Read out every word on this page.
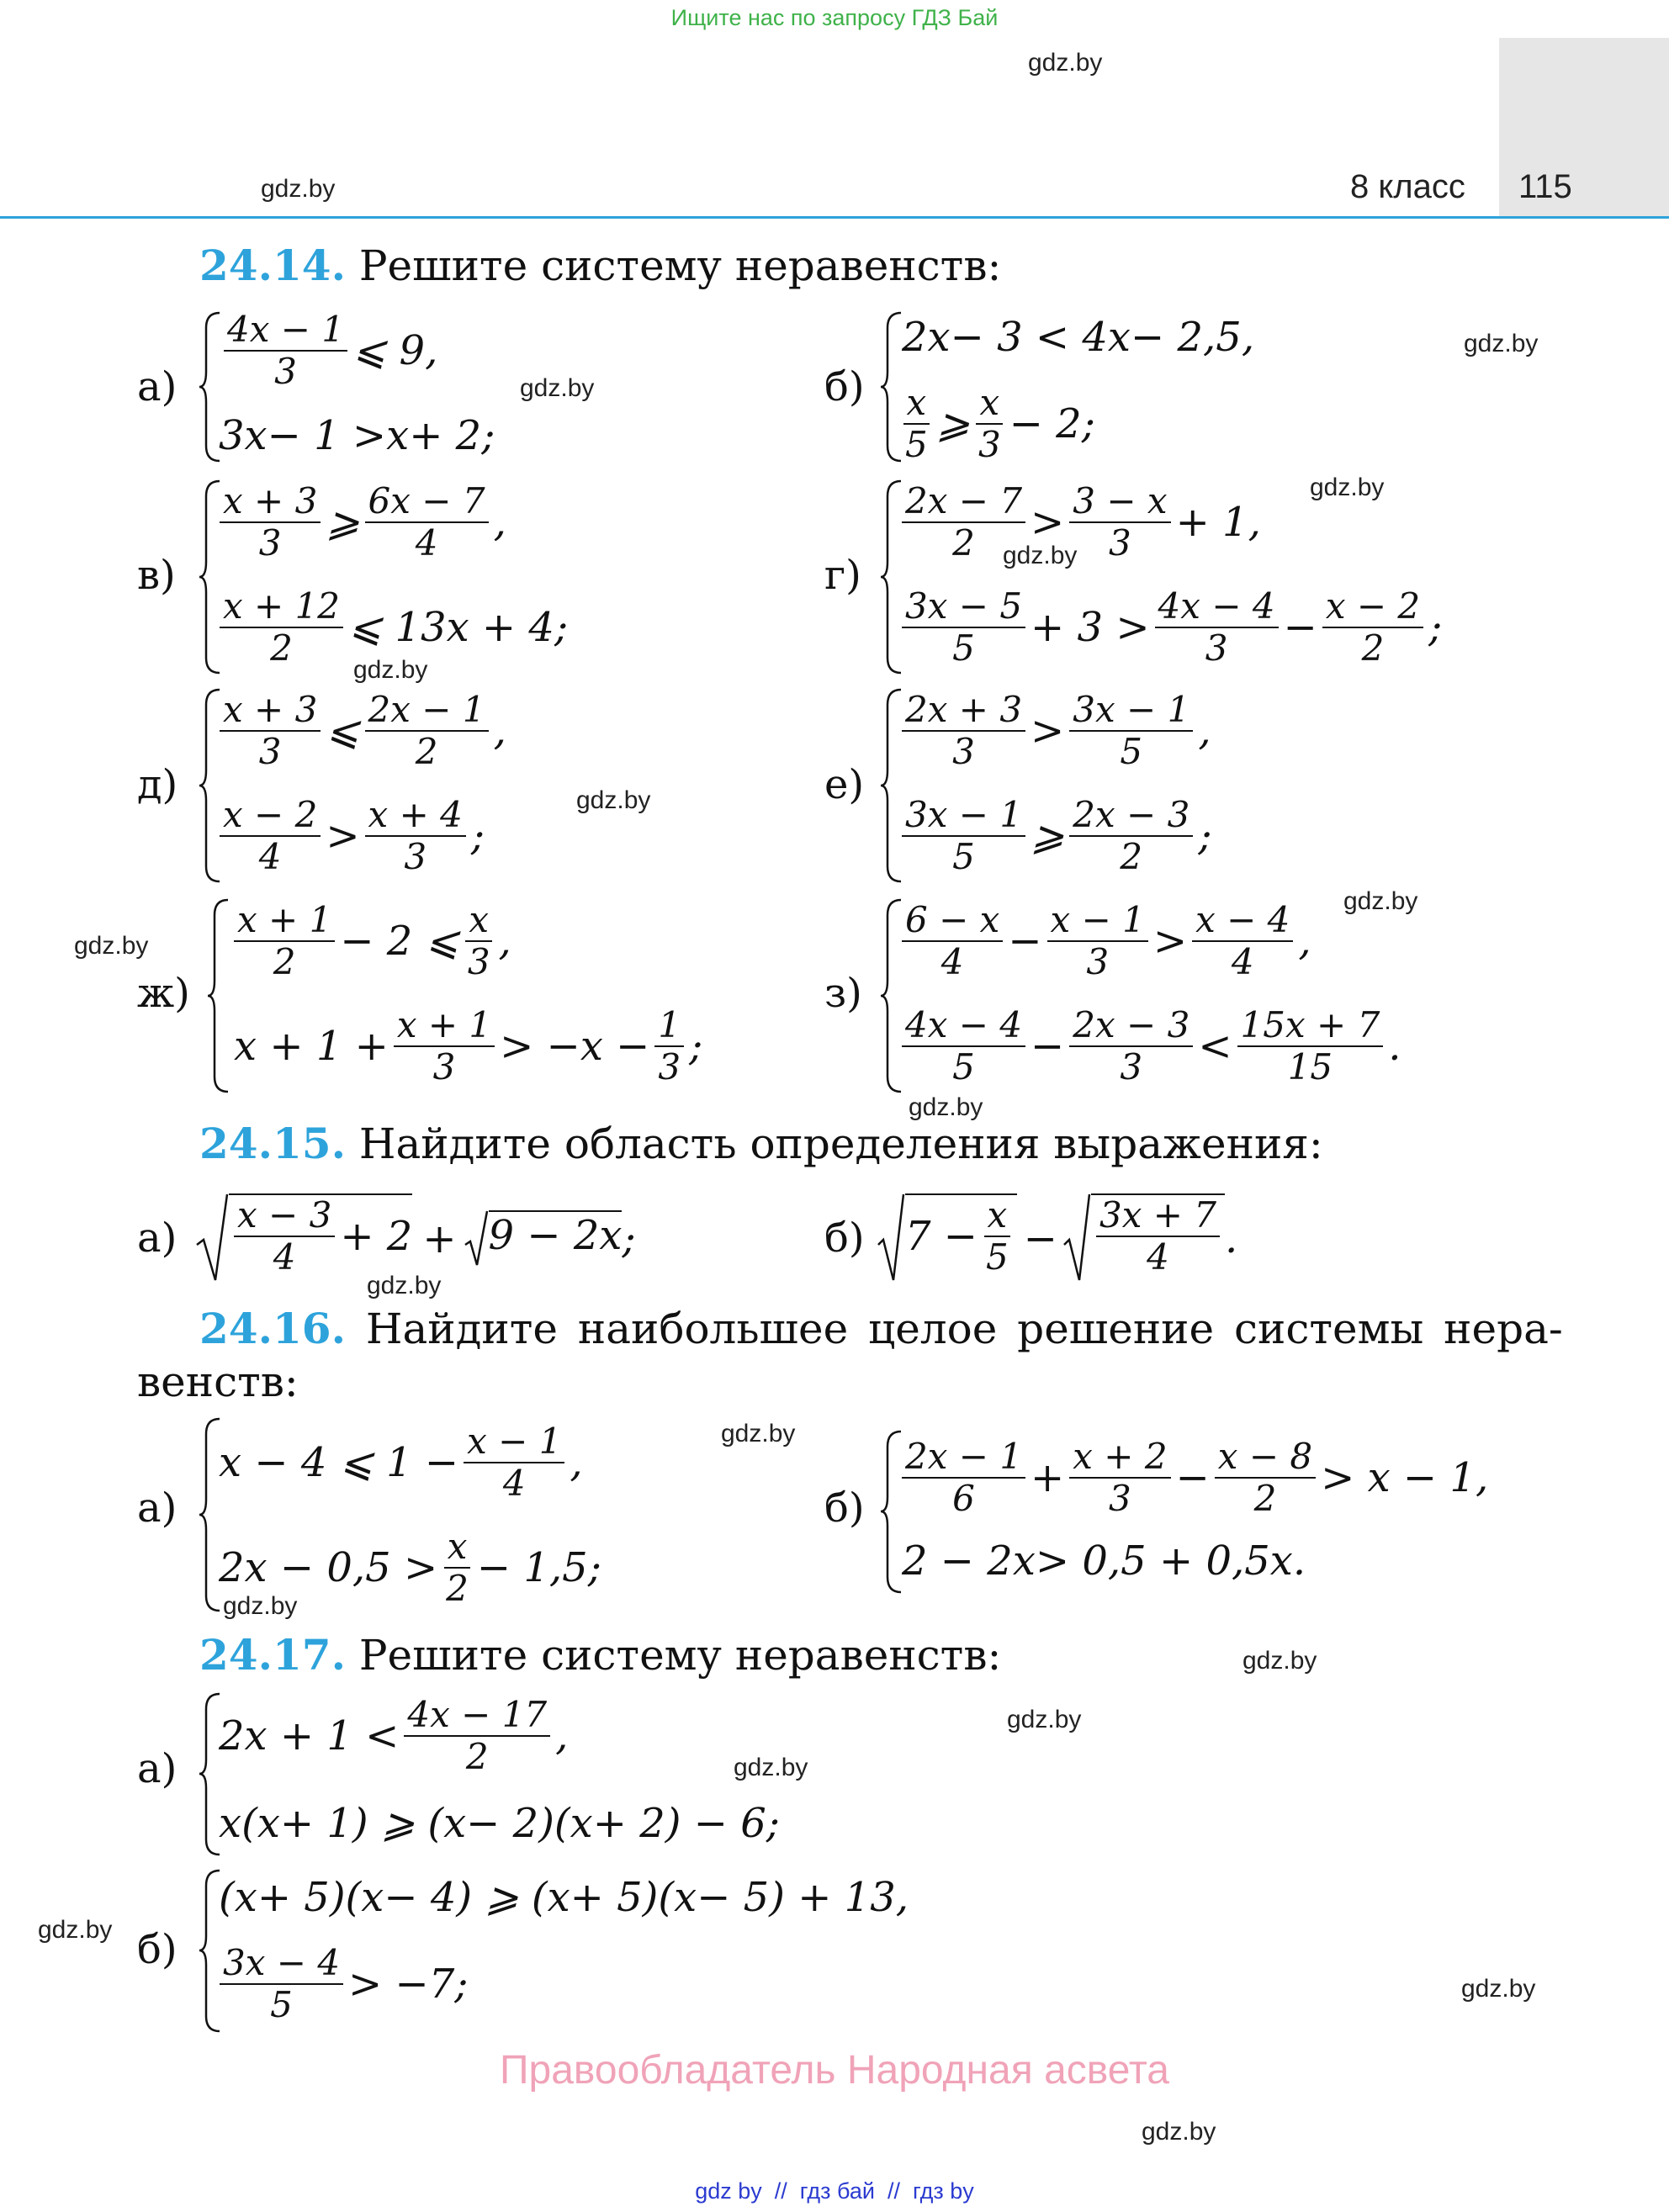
Ищите нас по запросу ГДЗ Бай
115
8 класс
gdz.by
gdz.by
gdz.by
gdz.by
gdz.by
gdz.by
gdz.by
gdz.by
gdz.by
gdz.by
gdz.by
gdz.by
gdz.by
gdz.by
gdz.by
gdz.by
gdz.by
gdz.by
gdz.by
gdz.by
24.14. Решите систему неравенств:
$а) \frac{4x - 1}{3}$ ⩽ 9,
3 x − 1 > x + 2;
б)
2 x − 3 < 4 x − 2,5,
$\frac{x}{5}$ ⩾ $\frac{x}{3} - 2$;
в)
$\frac{x + 3}{3}$ ⩾ $\frac{6x - 7}{4}$ ,
$\frac{x + 12}{2}$ ⩽ 13x + 4;
г)
$\frac{2x - 7}{2} > \frac{3 - x}{3} + 1$,
$\frac{3x - 5}{5} + 3 > \frac{4x - 4}{3} - \frac{x - 2}{2}$ ;
д)
$\frac{x + 3}{3}$ ⩽ $\frac{2x - 1}{2}$ ,
$\frac{x - 2}{4} > \frac{x + 4}{3}$ ;
е)
$\frac{2x + 3}{3} > \frac{3x - 1}{5}$ ,
$\frac{3x - 1}{5}$ ⩾ $\frac{2x - 3}{2}$ ;
ж)
$\frac{x + 1}{2} - 2$ ⩽ $\frac{x}{3}$ ,
$x + 1 + \frac{x + 1}{3} > -x - \frac{1}{3}$ ;
з)
$\frac{6 - x}{4} - \frac{x - 1}{3} > \frac{x - 4}{4}$ ,
$\frac{4x - 4}{5} - \frac{2x - 3}{3} < \frac{15x + 7}{15}$ .
24.15. Найдите область определения выражения:
$а) \frac{x - 3}{4} + 2 + 9 - 2x$ ;	б) $7 - \frac{x}{5} - \frac{3x + 7}{4}$ .
24.16. Найдите наибольшее целое решение системы нера-
венств:
а)
x − 4 ⩽ $1 - \frac{x - 1}{4}$ ,
$2x - 0,5 > \frac{x}{2} - 1,5$;
$б) \frac{2x - 1}{6} + \frac{x + 2}{3} - \frac{x - 8}{2} > x - 1$,
2 − 2 x > 0,5 + 0,5 x .
24.17. Решите систему неравенств:
а)
$2x + 1 < \frac{4x - 17}{2}$ ,
x ( x + 1) ⩾ ( x − 2)( x + 2) − 6;
б)
( x + 5)( x − 4) ⩾ ( x + 5)( x − 5) + 13,
$\frac{3x - 4}{5} > -7$;
Правообладатель Народная асвета
gdz by  //  гдз бай  //  гдз by
